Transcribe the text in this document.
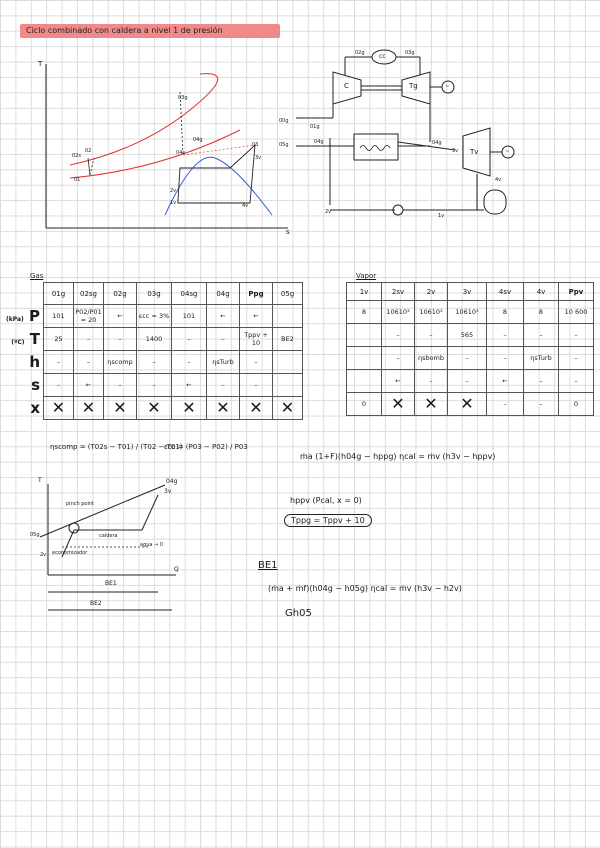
Ciclo combinado con caldera a nivel 1 de presión
T
s
03g
04g
02
01
02s
03
04s
2v
3v
1v	4v
cc
C	Tg
Tv
~
~
02g	03g
01g
00g
04g
05g	04g
3v
4v
2v
1v
Gas
	01g	02sg	02g	03g	04sg	04g	Ppg	05g
(kPa) P	101	P02/P01 = 20	←	εcc = 3%	101	←	←	
(ºC) T	25	–	–	1400	–	–	Tppv + 10	BE2
h	–	–	ηscomp	–	–	ηsTurb	–	
s	–	←	–	–	←	–	–	
x	✕	✕	✕	✕	✕	✕	✕	✕
Vapor
1v	2sv	2v	3v	4sv	4v	Ppv
8	10610³	10610³	10610³	8	8	10 600
	–	–	565	–	–	–
	–	ηsbomb	–	–	ηsTurb	–
	←	–	–	←	–	–
0	✕	✕	✕	–	–	0
ηscomp = (T02s − T01) / (T02 − T01)
εcc = (P03 − P02) / P03
ṁa (1+F)(h04g − hppg) ηcal = ṁv (h3v − hppv)
hppv (Pcal, x = 0)
Tppg = Tppv + 10
BE1
(ṁa + ṁf)(h04g − h05g) ηcal = ṁv (h3v − h2v)
Gh05
T
Q
pinch point
caldera
economizador
agua → 0
BE1
BE2
04g
3v
05g
2v
